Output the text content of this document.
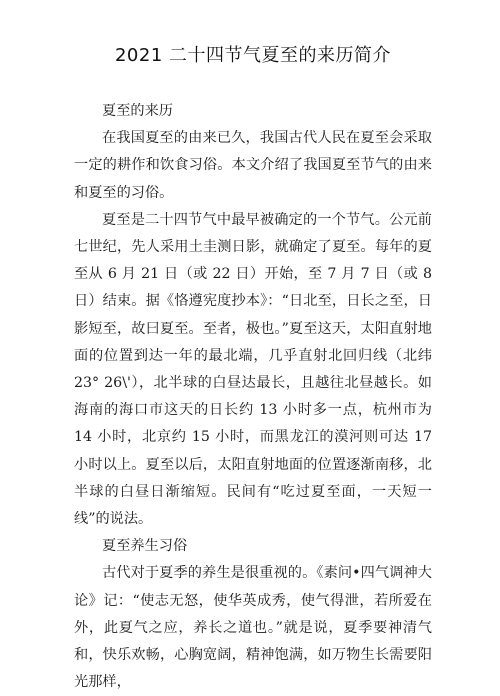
2021 二十四节气夏至的来历简介

夏至的来历

在我国夏至的由来已久，我国古代人民在夏至会采取一定的耕作和饮食习俗。本文介绍了我国夏至节气的由来和夏至的习俗。

夏至是二十四节气中最早被确定的一个节气。公元前七世纪，先人采用土圭测日影，就确定了夏至。每年的夏至从 6 月 21 日（或 22 日）开始，至 7 月 7 日（或 8 日）结束。据《恪遵宪度抄本》：“日北至，日长之至，日影短至，故曰夏至。至者，极也。”夏至这天，太阳直射地面的位置到达一年的最北端，几乎直射北回归线（北纬 23° 26\'），北半球的白昼达最长，且越往北昼越长。如海南的海口市这天的日长约 13 小时多一点，杭州市为 14 小时，北京约 15 小时，而黑龙江的漠河则可达 17 小时以上。夏至以后，太阳直射地面的位置逐渐南移，北半球的白昼日渐缩短。民间有“吃过夏至面，一天短一线”的说法。

夏至养生习俗

古代对于夏季的养生是很重视的。《素问•四气调神大论》记：“使志无怒，使华英成秀，使气得泄，若所爱在外，此夏气之应，养长之道也。”就是说，夏季要神清气和，快乐欢畅，心胸宽阔，精神饱满，如万物生长需要阳光那样，
